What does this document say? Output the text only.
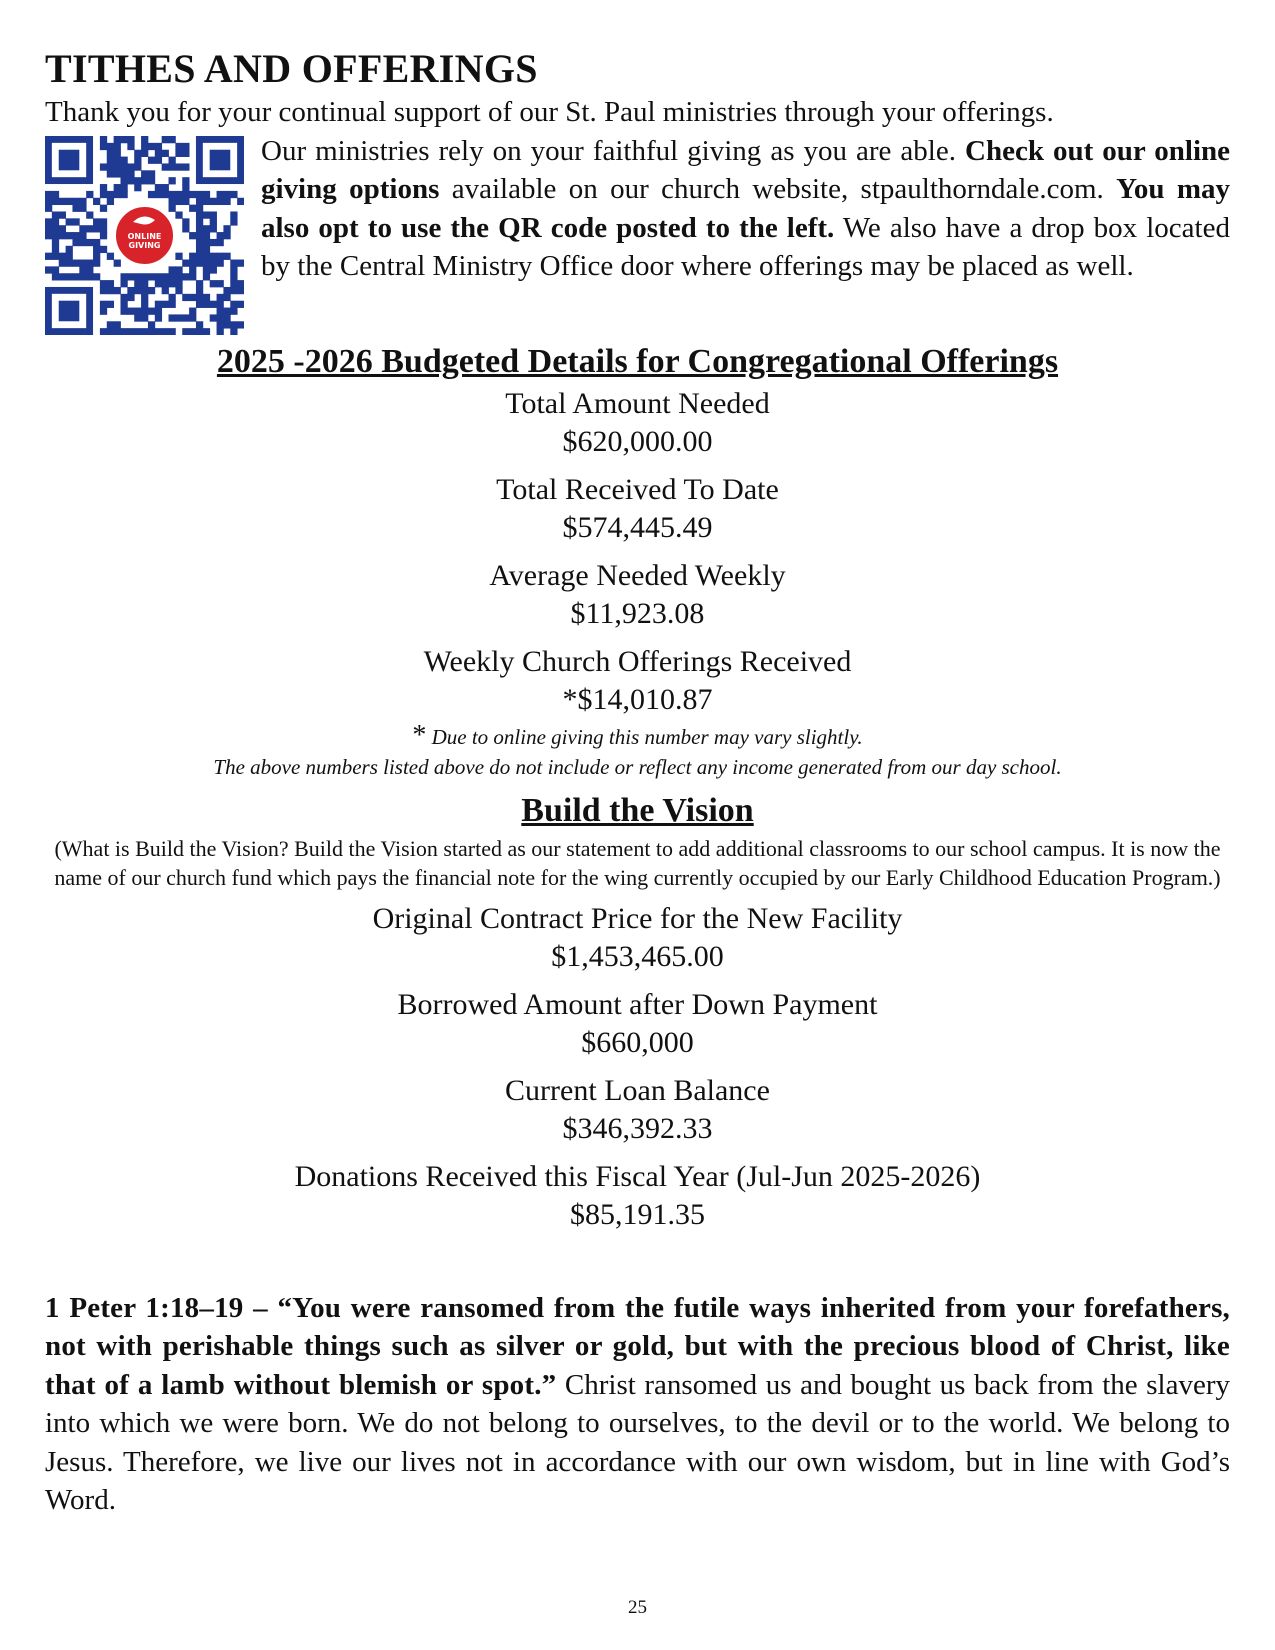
TITHES AND OFFERINGS

Thank you for your continual support of our St. Paul ministries through your offerings.

ONLINE
GIVING

Our ministries rely on your faithful giving as you are able. Check out our online giving options available on our church website, stpaulthorndale.com. You may also opt to use the QR code posted to the left. We also have a drop box located by the Central Ministry Office door where offerings may be placed as well.

2025 -2026 Budgeted Details for Congregational Offerings
Total Amount Needed
$620,000.00
Total Received To Date
$574,445.49
Average Needed Weekly
$11,923.08
Weekly Church Offerings Received
*$14,010.87
* Due to online giving this number may vary slightly.
The above numbers listed above do not include or reflect any income generated from our day school.
Build the Vision
(What is Build the Vision? Build the Vision started as our statement to add additional classrooms to our school campus. It is now the name of our church fund which pays the financial note for the wing currently occupied by our Early Childhood Education Program.)
Original Contract Price for the New Facility
$1,453,465.00
Borrowed Amount after Down Payment
$660,000
Current Loan Balance
$346,392.33
Donations Received this Fiscal Year (Jul-Jun 2025-2026)
$85,191.35

1 Peter 1:18–19 – “You were ransomed from the futile ways inherited from your forefathers, not with perishable things such as silver or gold, but with the precious blood of Christ, like that of a lamb without blemish or spot.” Christ ransomed us and bought us back from the slavery into which we were born. We do not belong to ourselves, to the devil or to the world. We belong to Jesus. Therefore, we live our lives not in accordance with our own wisdom, but in line with God’s Word.

25
